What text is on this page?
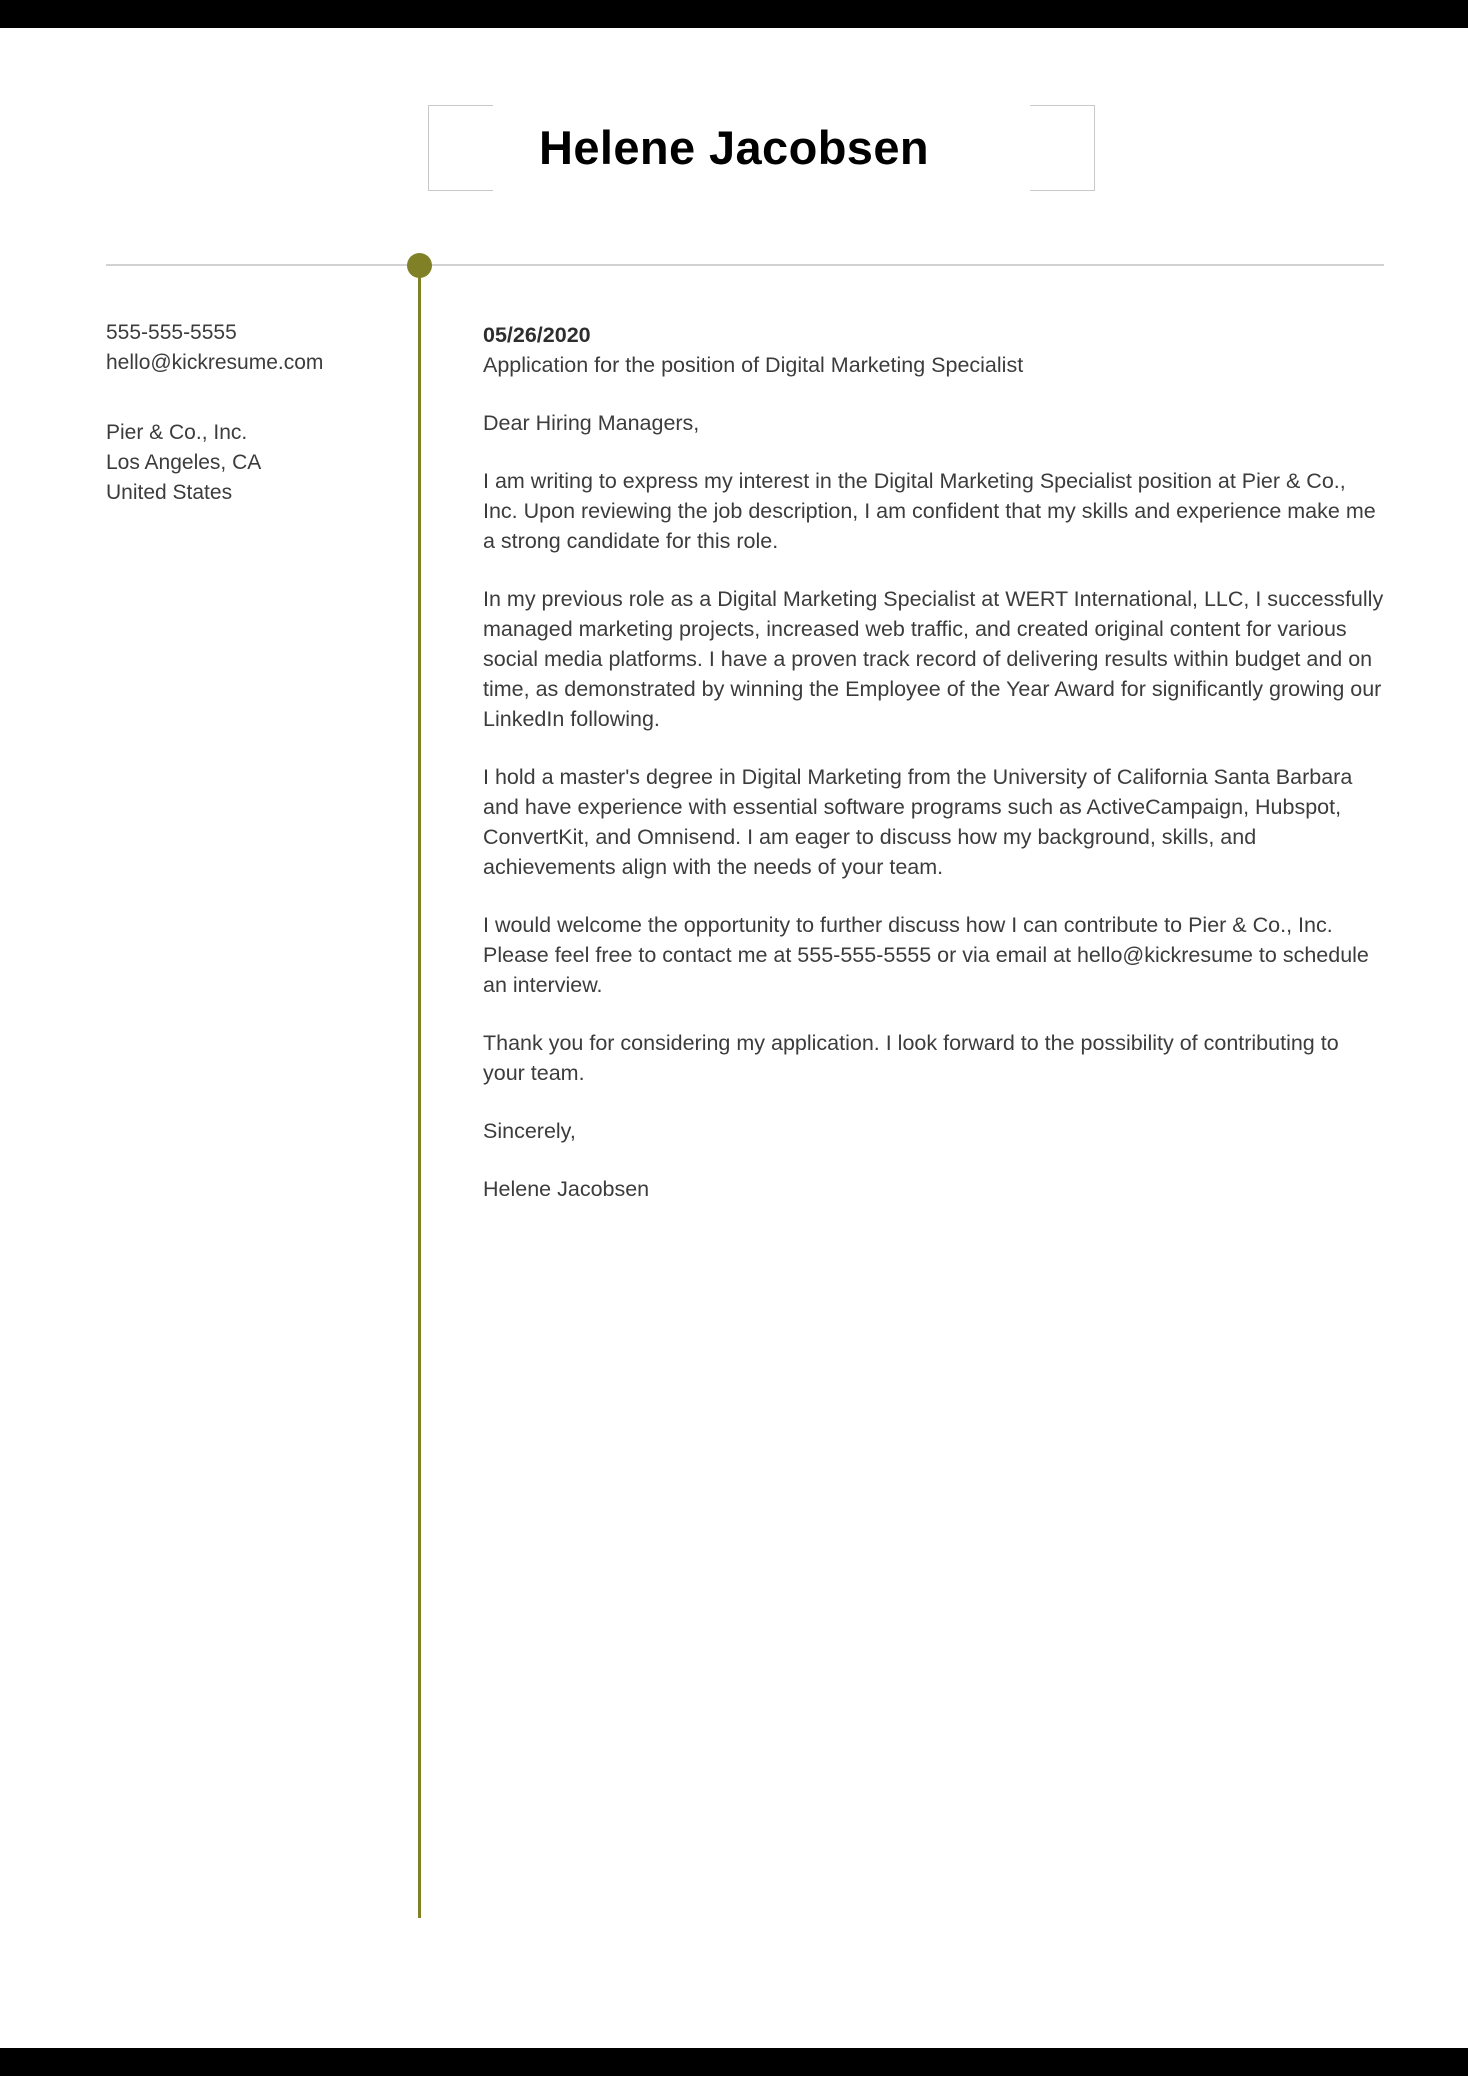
Helene Jacobsen
555-555-5555
hello@kickresume.com
Pier & Co., Inc.
Los Angeles, CA
United States

05/26/2020

Application for the position of Digital Marketing Specialist

Dear Hiring Managers,

I am writing to express my interest in the Digital Marketing Specialist position at Pier & Co., Inc. Upon reviewing the job description, I am confident that my skills and experience make me a strong candidate for this role.

In my previous role as a Digital Marketing Specialist at WERT International, LLC, I successfully managed marketing projects, increased web traffic, and created original content for various social media platforms. I have a proven track record of delivering results within budget and on time, as demonstrated by winning the Employee of the Year Award for significantly growing our LinkedIn following.

I hold a master's degree in Digital Marketing from the University of California Santa Barbara and have experience with essential software programs such as ActiveCampaign, Hubspot, ConvertKit, and Omnisend. I am eager to discuss how my background, skills, and achievements align with the needs of your team.

I would welcome the opportunity to further discuss how I can contribute to Pier & Co., Inc. Please feel free to contact me at 555-555-5555 or via email at hello@kickresume to schedule an interview.

Thank you for considering my application. I look forward to the possibility of contributing to your team.

Sincerely,

Helene Jacobsen
